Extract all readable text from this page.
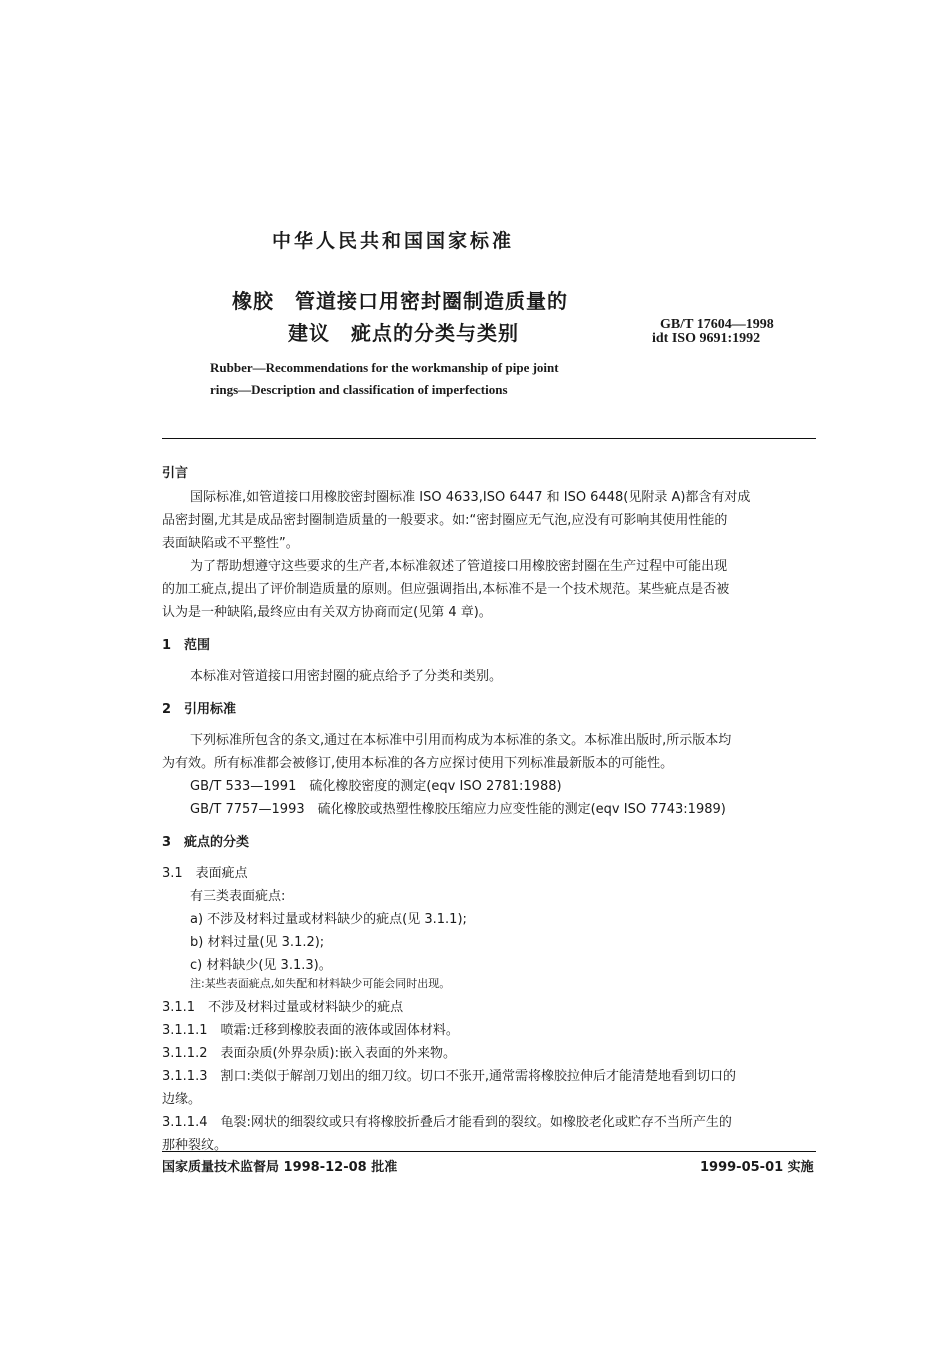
中华人民共和国国家标准
橡胶　管道接口用密封圈制造质量的
建议　疵点的分类与类别	GB/T 17604—1998
idt ISO 9691:1992
Rubber—Recommendations for the workmanship of pipe joint
rings—Description and classification of imperfections
引言
国际标准,如管道接口用橡胶密封圈标准 ISO 4633,ISO 6447 和 ISO 6448(见附录 A)都含有对成
品密封圈,尤其是成品密封圈制造质量的一般要求。如:“密封圈应无气泡,应没有可影响其使用性能的
表面缺陷或不平整性”。
为了帮助想遵守这些要求的生产者,本标准叙述了管道接口用橡胶密封圈在生产过程中可能出现
的加工疵点,提出了评价制造质量的原则。但应强调指出,本标准不是一个技术规范。某些疵点是否被
认为是一种缺陷,最终应由有关双方协商而定(见第 4 章)。
1　范围
本标准对管道接口用密封圈的疵点给予了分类和类别。
2　引用标准
下列标准所包含的条文,通过在本标准中引用而构成为本标准的条文。本标准出版时,所示版本均
为有效。所有标准都会被修订,使用本标准的各方应探讨使用下列标准最新版本的可能性。
GB/T 533—1991　硫化橡胶密度的测定(eqv ISO 2781:1988)
GB/T 7757—1993　硫化橡胶或热塑性橡胶压缩应力应变性能的测定(eqv ISO 7743:1989)
3　疵点的分类
3.1　表面疵点
有三类表面疵点:
a) 不涉及材料过量或材料缺少的疵点(见 3.1.1);
b) 材料过量(见 3.1.2);
c) 材料缺少(见 3.1.3)。
注:某些表面疵点,如失配和材料缺少可能会同时出现。
3.1.1　不涉及材料过量或材料缺少的疵点
3.1.1.1　喷霜:迁移到橡胶表面的液体或固体材料。
3.1.1.2　表面杂质(外界杂质):嵌入表面的外来物。
3.1.1.3　割口:类似于解剖刀划出的细刀纹。切口不张开,通常需将橡胶拉伸后才能清楚地看到切口的
边缘。
3.1.1.4　龟裂:网状的细裂纹或只有将橡胶折叠后才能看到的裂纹。如橡胶老化或贮存不当所产生的
那种裂纹。
国家质量技术监督局 1998-12-08 批准	1999-05-01 实施
